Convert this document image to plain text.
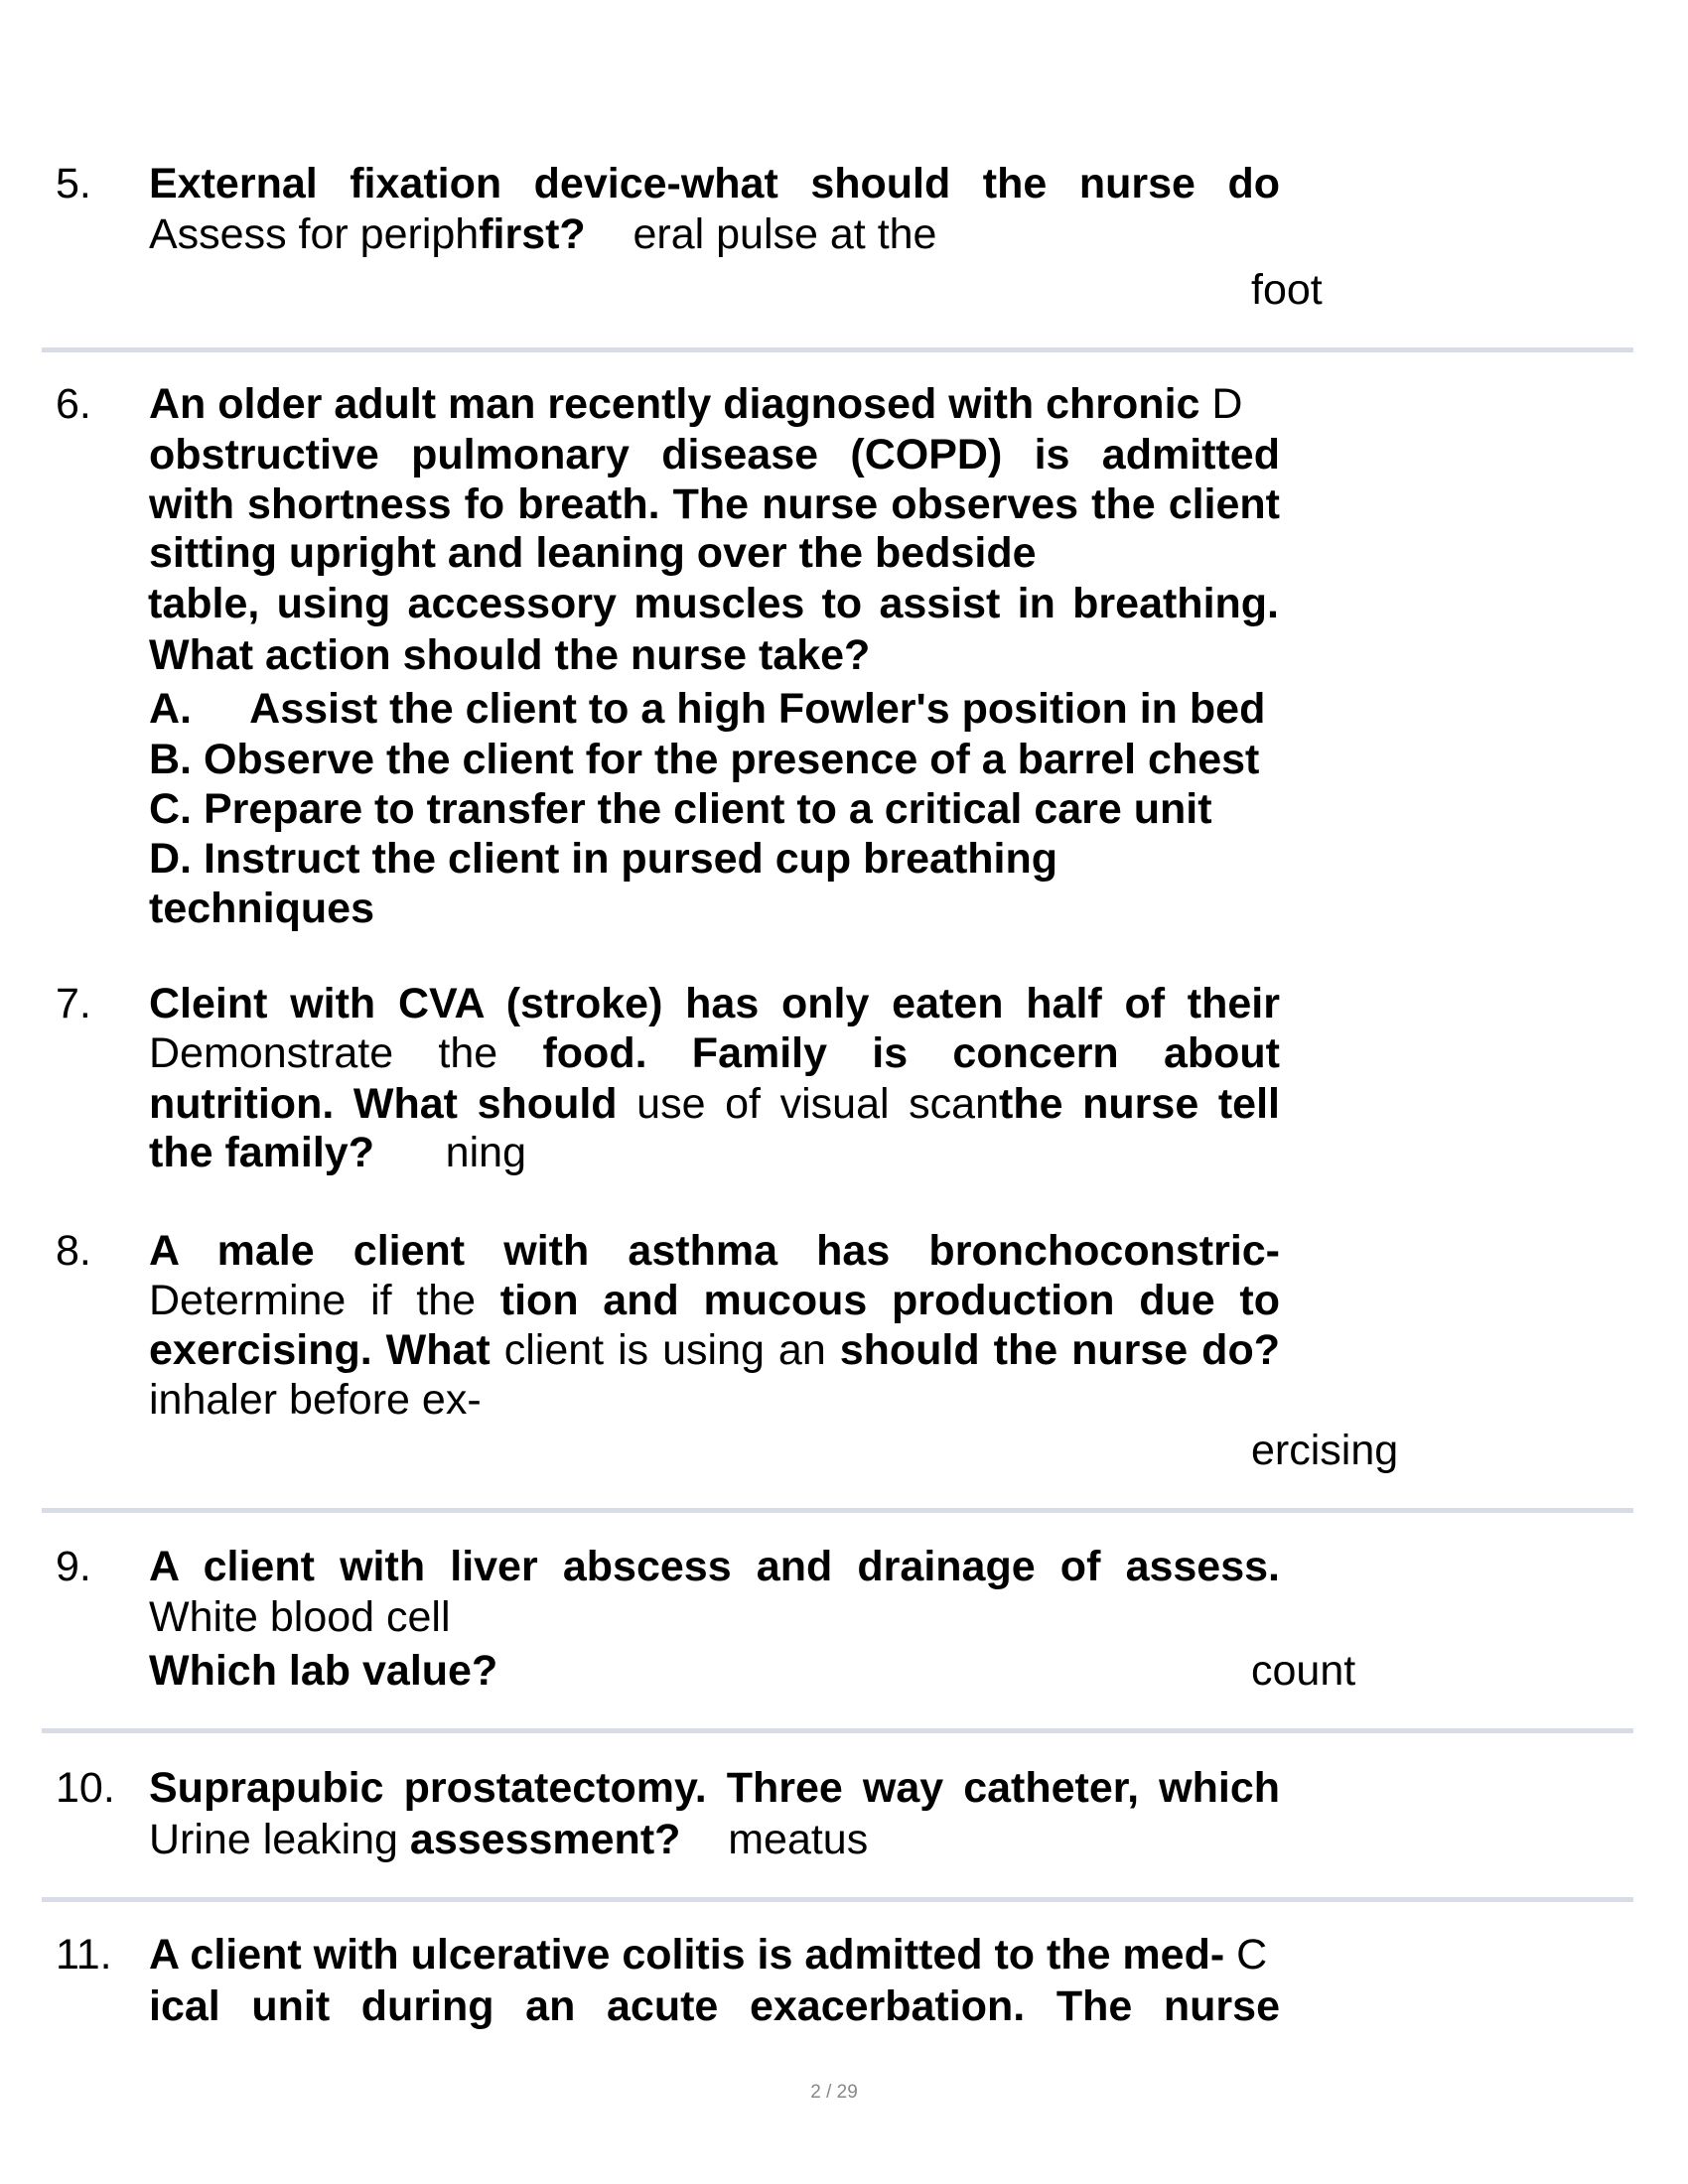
5. External fixation device-what should the nurse do
Assess for periphfirst?    eral pulse at the
foot
6. An older adult man recently diagnosed with chronic D
obstructive pulmonary disease (COPD) is admitted
with shortness fo breath. The nurse observes the client
sitting upright and leaning over the bedside
table, using accessory muscles to assist in breathing.
What action should the nurse take?
A.     Assist the client to a high Fowler's position in bed
B. Observe the client for the presence of a barrel chest
C. Prepare to transfer the client to a critical care unit
D. Instruct the client in pursed cup breathing
techniques
7. Cleint with CVA (stroke) has only eaten half of their
Demonstrate the food. Family is concern about
nutrition. What should use of visual scanthe nurse tell
the family?      ning
8. A male client with asthma has bronchoconstric-
Determine if the tion and mucous production due to
exercising. What client is using an should the nurse do?
inhaler before ex-
ercising
9. A client with liver abscess and drainage of assess.
White blood cell
Which lab value?	count
10. Suprapubic prostatectomy. Three way catheter, which
Urine leaking assessment?    meatus
11. A client with ulcerative colitis is admitted to the med- C
ical unit during an acute exacerbation. The nurse
2 / 29
